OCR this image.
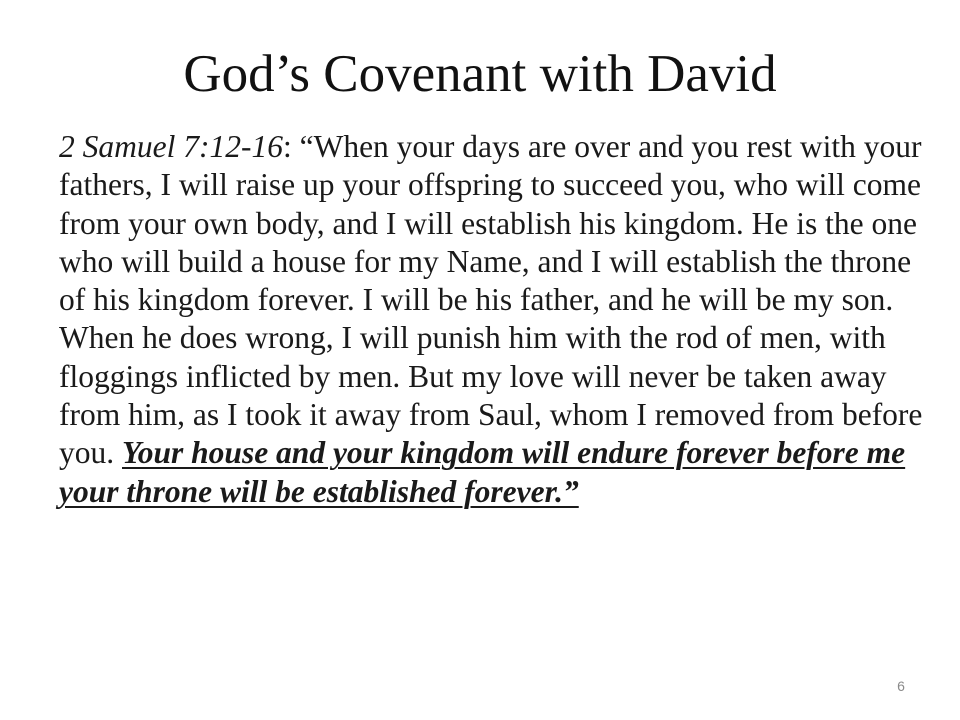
God’s Covenant with David

2 Samuel 7:12-16: “When your days are over and you rest with your fathers, I will raise up your offspring to succeed you, who will come from your own body, and I will establish his kingdom. He is the one who will build a house for my Name, and I will establish the throne of his kingdom forever. I will be his father, and he will be my son. When he does wrong, I will punish him with the rod of men, with floggings inflicted by men. But my love will never be taken away from him, as I took it away from Saul, whom I removed from before you. Your house and your kingdom will endure forever before me your throne will be established forever.”

6
